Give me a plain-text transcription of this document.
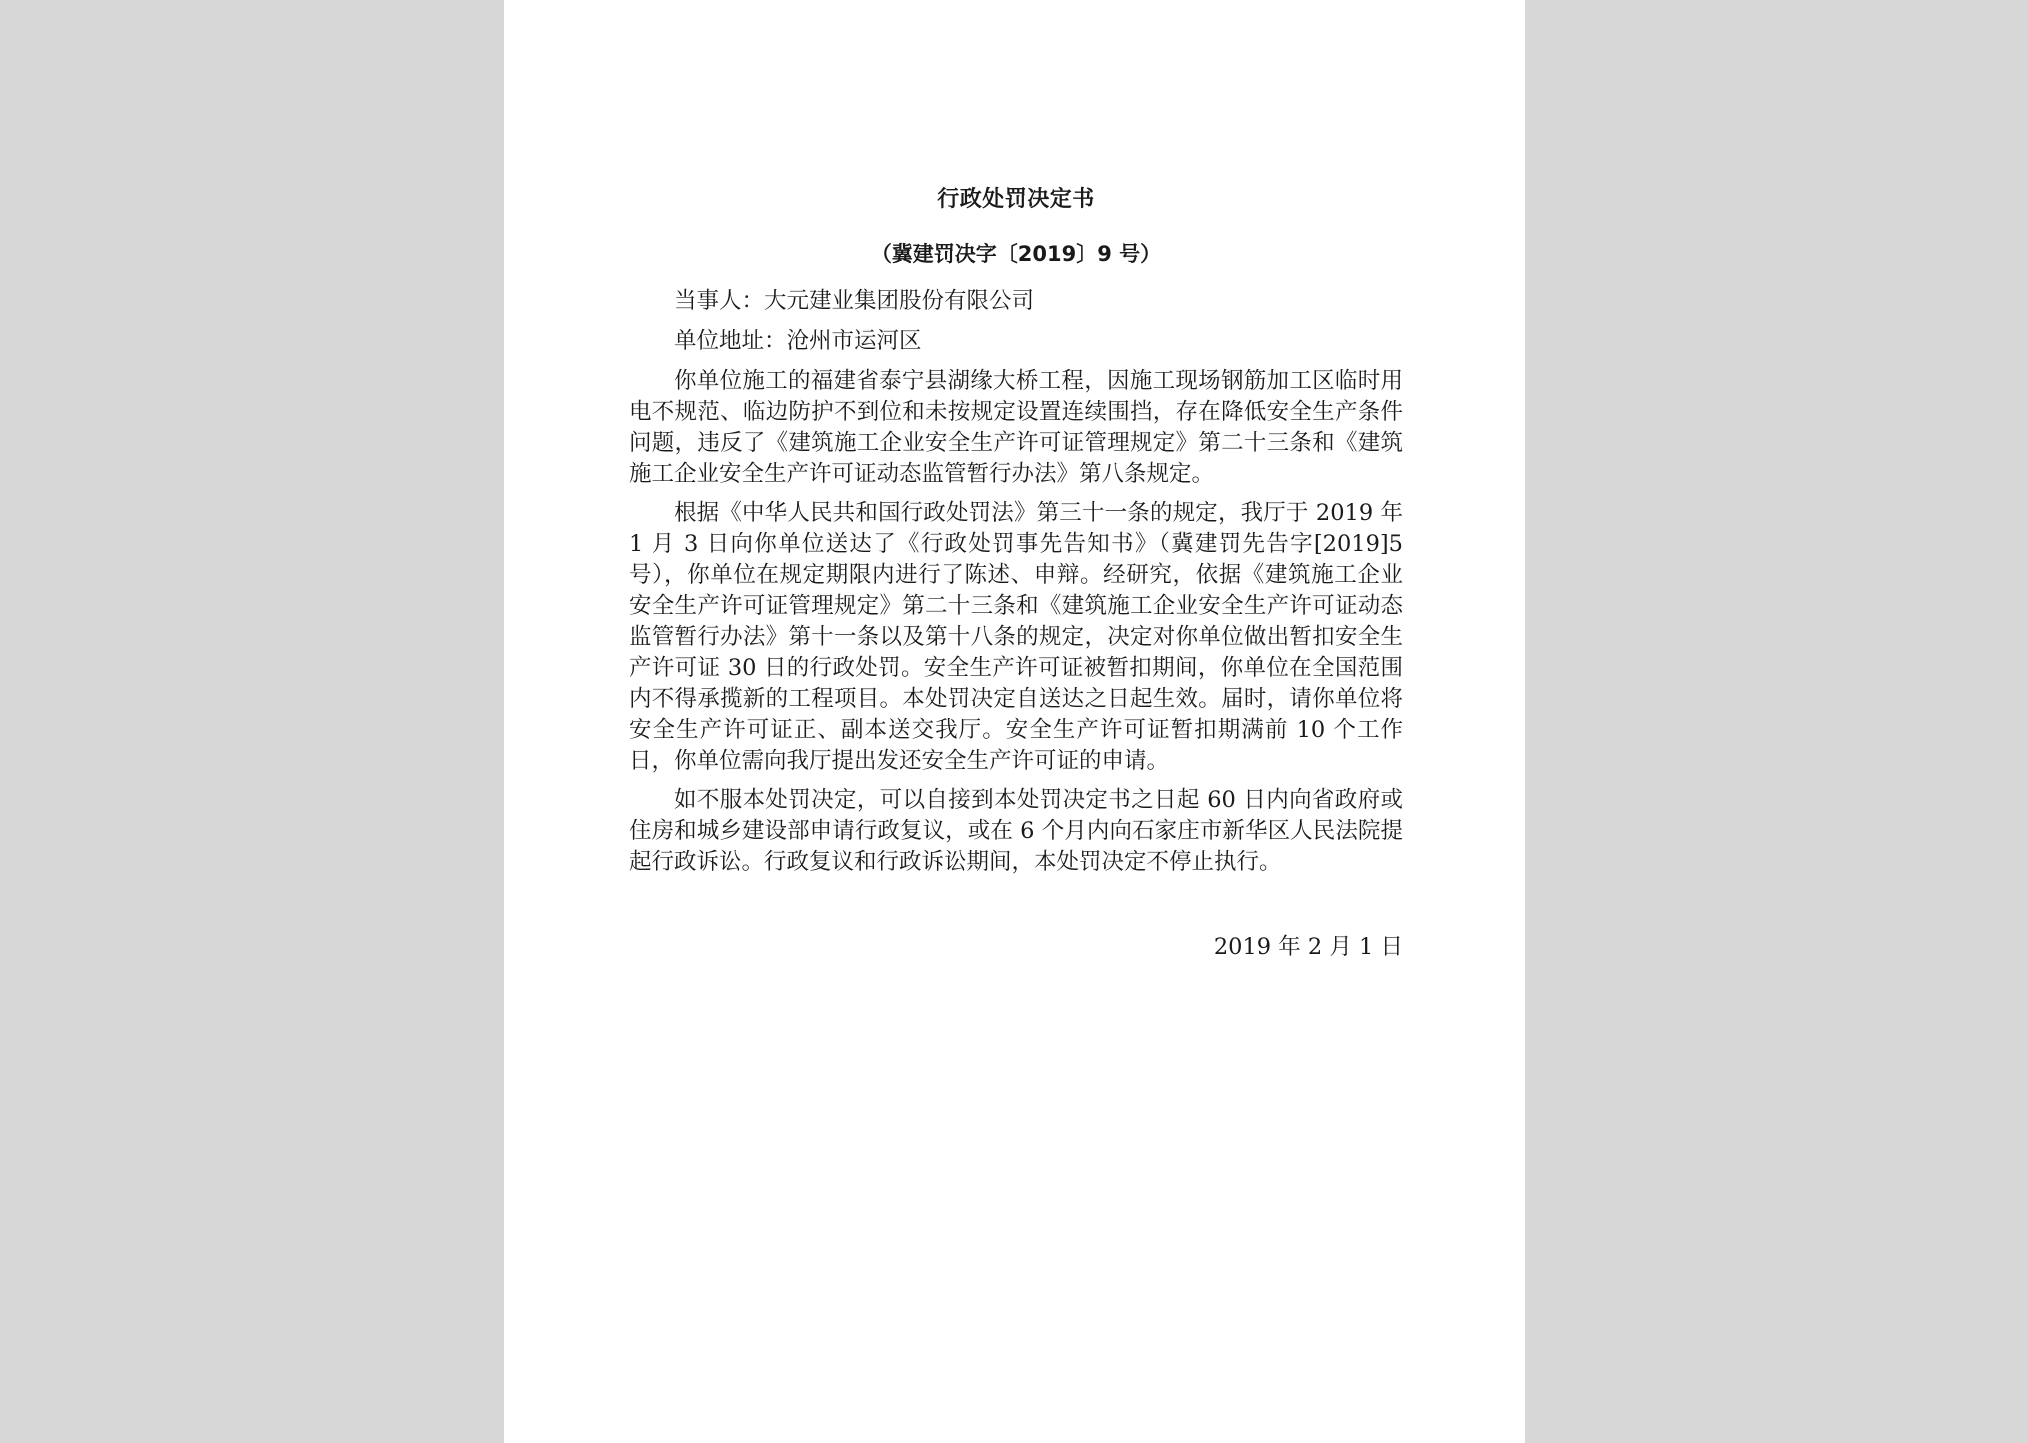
行政处罚决定书
（冀建罚决字〔2019〕9 号）
当事人：大元建业集团股份有限公司
单位地址：沧州市运河区

你单位施工的福建省泰宁县湖缘大桥工程，因施工现场钢筋加工区临时用电不规范、临边防护不到位和未按规定设置连续围挡，存在降低安全生产条件问题，违反了《建筑施工企业安全生产许可证管理规定》第二十三条和《建筑施工企业安全生产许可证动态监管暂行办法》第八条规定。

根据《中华人民共和国行政处罚法》第三十一条的规定，我厅于 2019 年 1 月 3 日向你单位送达了《行政处罚事先告知书》（冀建罚先告字[2019]5 号），你单位在规定期限内进行了陈述、申辩。经研究，依据《建筑施工企业安全生产许可证管理规定》第二十三条和《建筑施工企业安全生产许可证动态监管暂行办法》第十一条以及第十八条的规定，决定对你单位做出暂扣安全生产许可证 30 日的行政处罚。安全生产许可证被暂扣期间，你单位在全国范围内不得承揽新的工程项目。本处罚决定自送达之日起生效。届时，请你单位将安全生产许可证正、副本送交我厅。安全生产许可证暂扣期满前 10 个工作日，你单位需向我厅提出发还安全生产许可证的申请。

如不服本处罚决定，可以自接到本处罚决定书之日起 60 日内向省政府或住房和城乡建设部申请行政复议，或在 6 个月内向石家庄市新华区人民法院提起行政诉讼。行政复议和行政诉讼期间，本处罚决定不停止执行。

2019 年 2 月 1 日
